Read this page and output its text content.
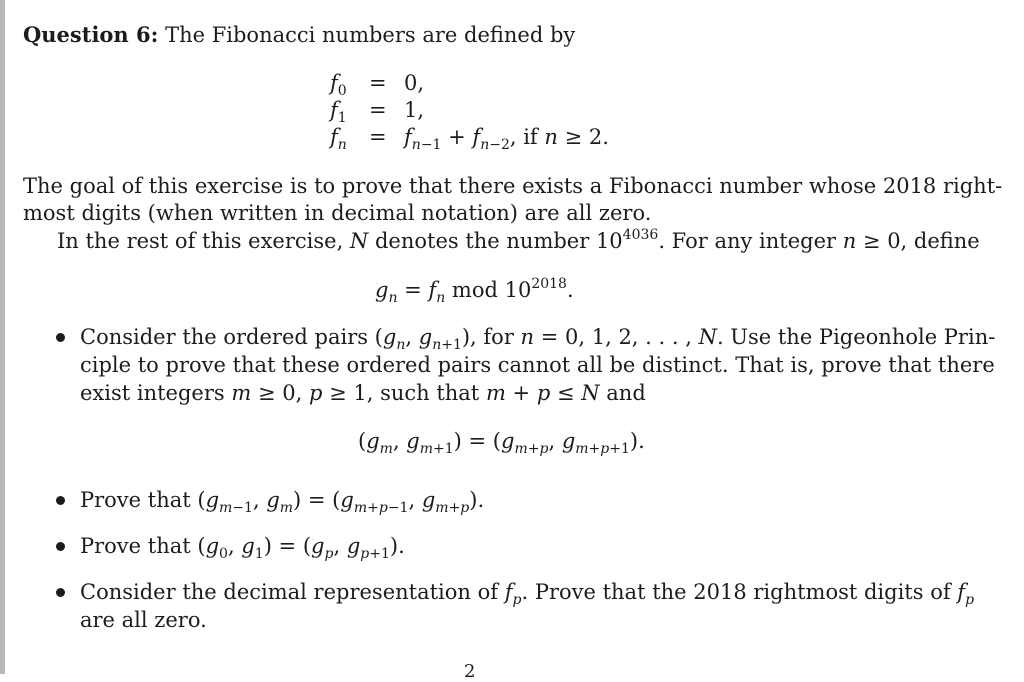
Question 6: The Fibonacci numbers are defined by
$f_0 = 0$,
$f_1 = 1$,
$f_n = f_{n-1} + f_{n-2}$, if n ≥ 2.
The goal of this exercise is to prove that there exists a Fibonacci number whose 2018 right-
most digits (when written in decimal notation) are all zero.
In the rest of this exercise, N denotes the number $10^{4036}$. For any integer n ≥ 0, define
$g_n = f_n$ mod $10^{2018}$.
Consider the ordered pairs ($g_n$, $g_{n+1}$), for n = 0, 1, 2, . . . , N. Use the Pigeonhole Prin-
ciple to prove that these ordered pairs cannot all be distinct. That is, prove that there
exist integers m ≥ 0, p ≥ 1, such that m + p ≤ N and
($g_m$, $g_{m+1}) = (g_{m+p}$, $g_{m+p+1}$).
Prove that ($g_{m-1}$, $g_m) = (g_{m+p-1}$, $g_{m+p}$).
Prove that ($g_0$, $g_1) = (g_p$, $g_{p+1}$).
Consider the decimal representation of $f_p$. Prove that the 2018 rightmost digits of $f_p$
are all zero.
2
